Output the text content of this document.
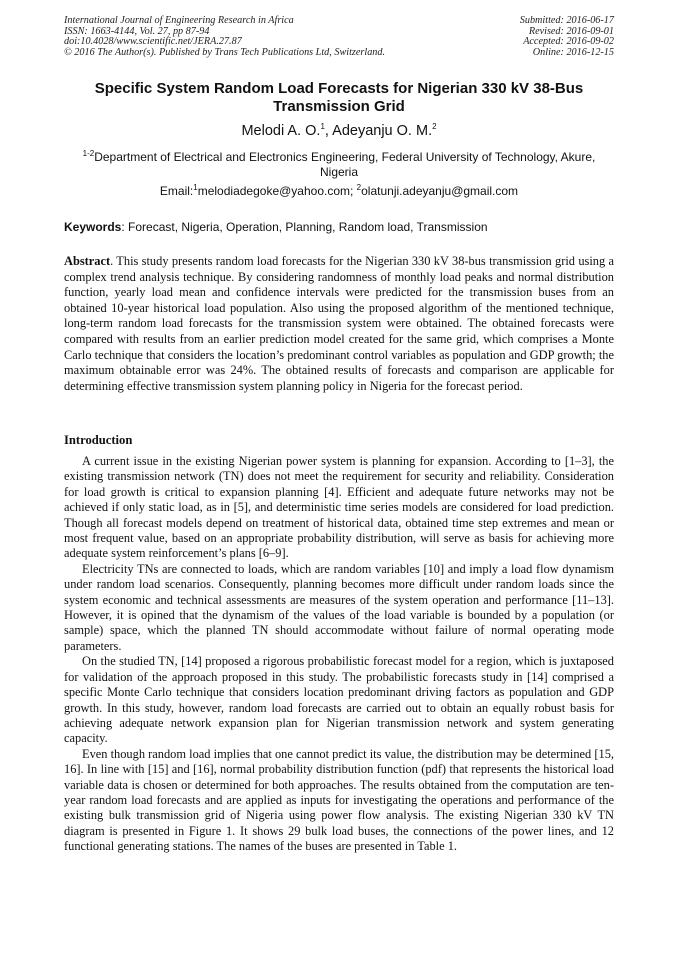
International Journal of Engineering Research in Africa
ISSN: 1663-4144, Vol. 27, pp 87-94
doi:10.4028/www.scientific.net/JERA.27.87
© 2016 The Author(s). Published by Trans Tech Publications Ltd, Switzerland.
Submitted: 2016-06-17
Revised: 2016-09-01
Accepted: 2016-09-02
Online: 2016-12-15
Specific System Random Load Forecasts for Nigerian 330 kV 38-Bus
Transmission Grid
Melodi A. O.$^1$, Adeyanju O. M.$^2$
$^{1-2}$Department of Electrical and Electronics Engineering, Federal University of Technology, Akure, Nigeria
Email:$^1$melodiadegoke@yahoo.com; $^2$olatunji.adeyanju@gmail.com
Keywords: Forecast, Nigeria, Operation, Planning, Random load, Transmission
Abstract. This study presents random load forecasts for the Nigerian 330 kV 38-bus transmission grid using a complex trend analysis technique. By considering randomness of monthly load peaks and normal distribution function, yearly load mean and confidence intervals were predicted for the transmission buses from an obtained 10-year historical load population. Also using the proposed algorithm of the mentioned technique, long-term random load forecasts for the transmission system were obtained. The obtained forecasts were compared with results from an earlier prediction model created for the same grid, which comprises a Monte Carlo technique that considers the location’s predominant control variables as population and GDP growth; the maximum obtainable error was 24%. The obtained results of forecasts and comparison are applicable for determining effective transmission system planning policy in Nigeria for the forecast period.
Introduction

A current issue in the existing Nigerian power system is planning for expansion. According to [1–3], the existing transmission network (TN) does not meet the requirement for security and reliability. Consideration for load growth is critical to expansion planning [4]. Efficient and adequate future networks may not be achieved if only static load, as in [5], and deterministic time series models are considered for load prediction. Though all forecast models depend on treatment of historical data, obtained time step extremes and mean or most frequent value, based on an appropriate probability distribution, will serve as basis for achieving more adequate system reinforcement’s plans [6–9].

Electricity TNs are connected to loads, which are random variables [10] and imply a load flow dynamism under random load scenarios. Consequently, planning becomes more difficult under random loads since the system economic and technical assessments are measures of the system operation and performance [11–13]. However, it is opined that the dynamism of the values of the load variable is bounded by a population (or sample) space, which the planned TN should accommodate without failure of normal operating mode parameters.

On the studied TN, [14] proposed a rigorous probabilistic forecast model for a region, which is juxtaposed for validation of the approach proposed in this study. The probabilistic forecasts study in [14] comprised a specific Monte Carlo technique that considers location predominant driving factors as population and GDP growth. In this study, however, random load forecasts are carried out to obtain an equally robust basis for achieving adequate network expansion plan for Nigerian transmission network and system generating capacity.

Even though random load implies that one cannot predict its value, the distribution may be determined [15, 16]. In line with [15] and [16], normal probability distribution function (pdf) that represents the historical load variable data is chosen or determined for both approaches. The results obtained from the computation are ten-year random load forecasts and are applied as inputs for investigating the operations and performance of the existing bulk transmission grid of Nigeria using power flow analysis. The existing Nigerian 330 kV TN diagram is presented in Figure 1. It shows 29 bulk load buses, the connections of the power lines, and 12 functional generating stations. The names of the buses are presented in Table 1.
